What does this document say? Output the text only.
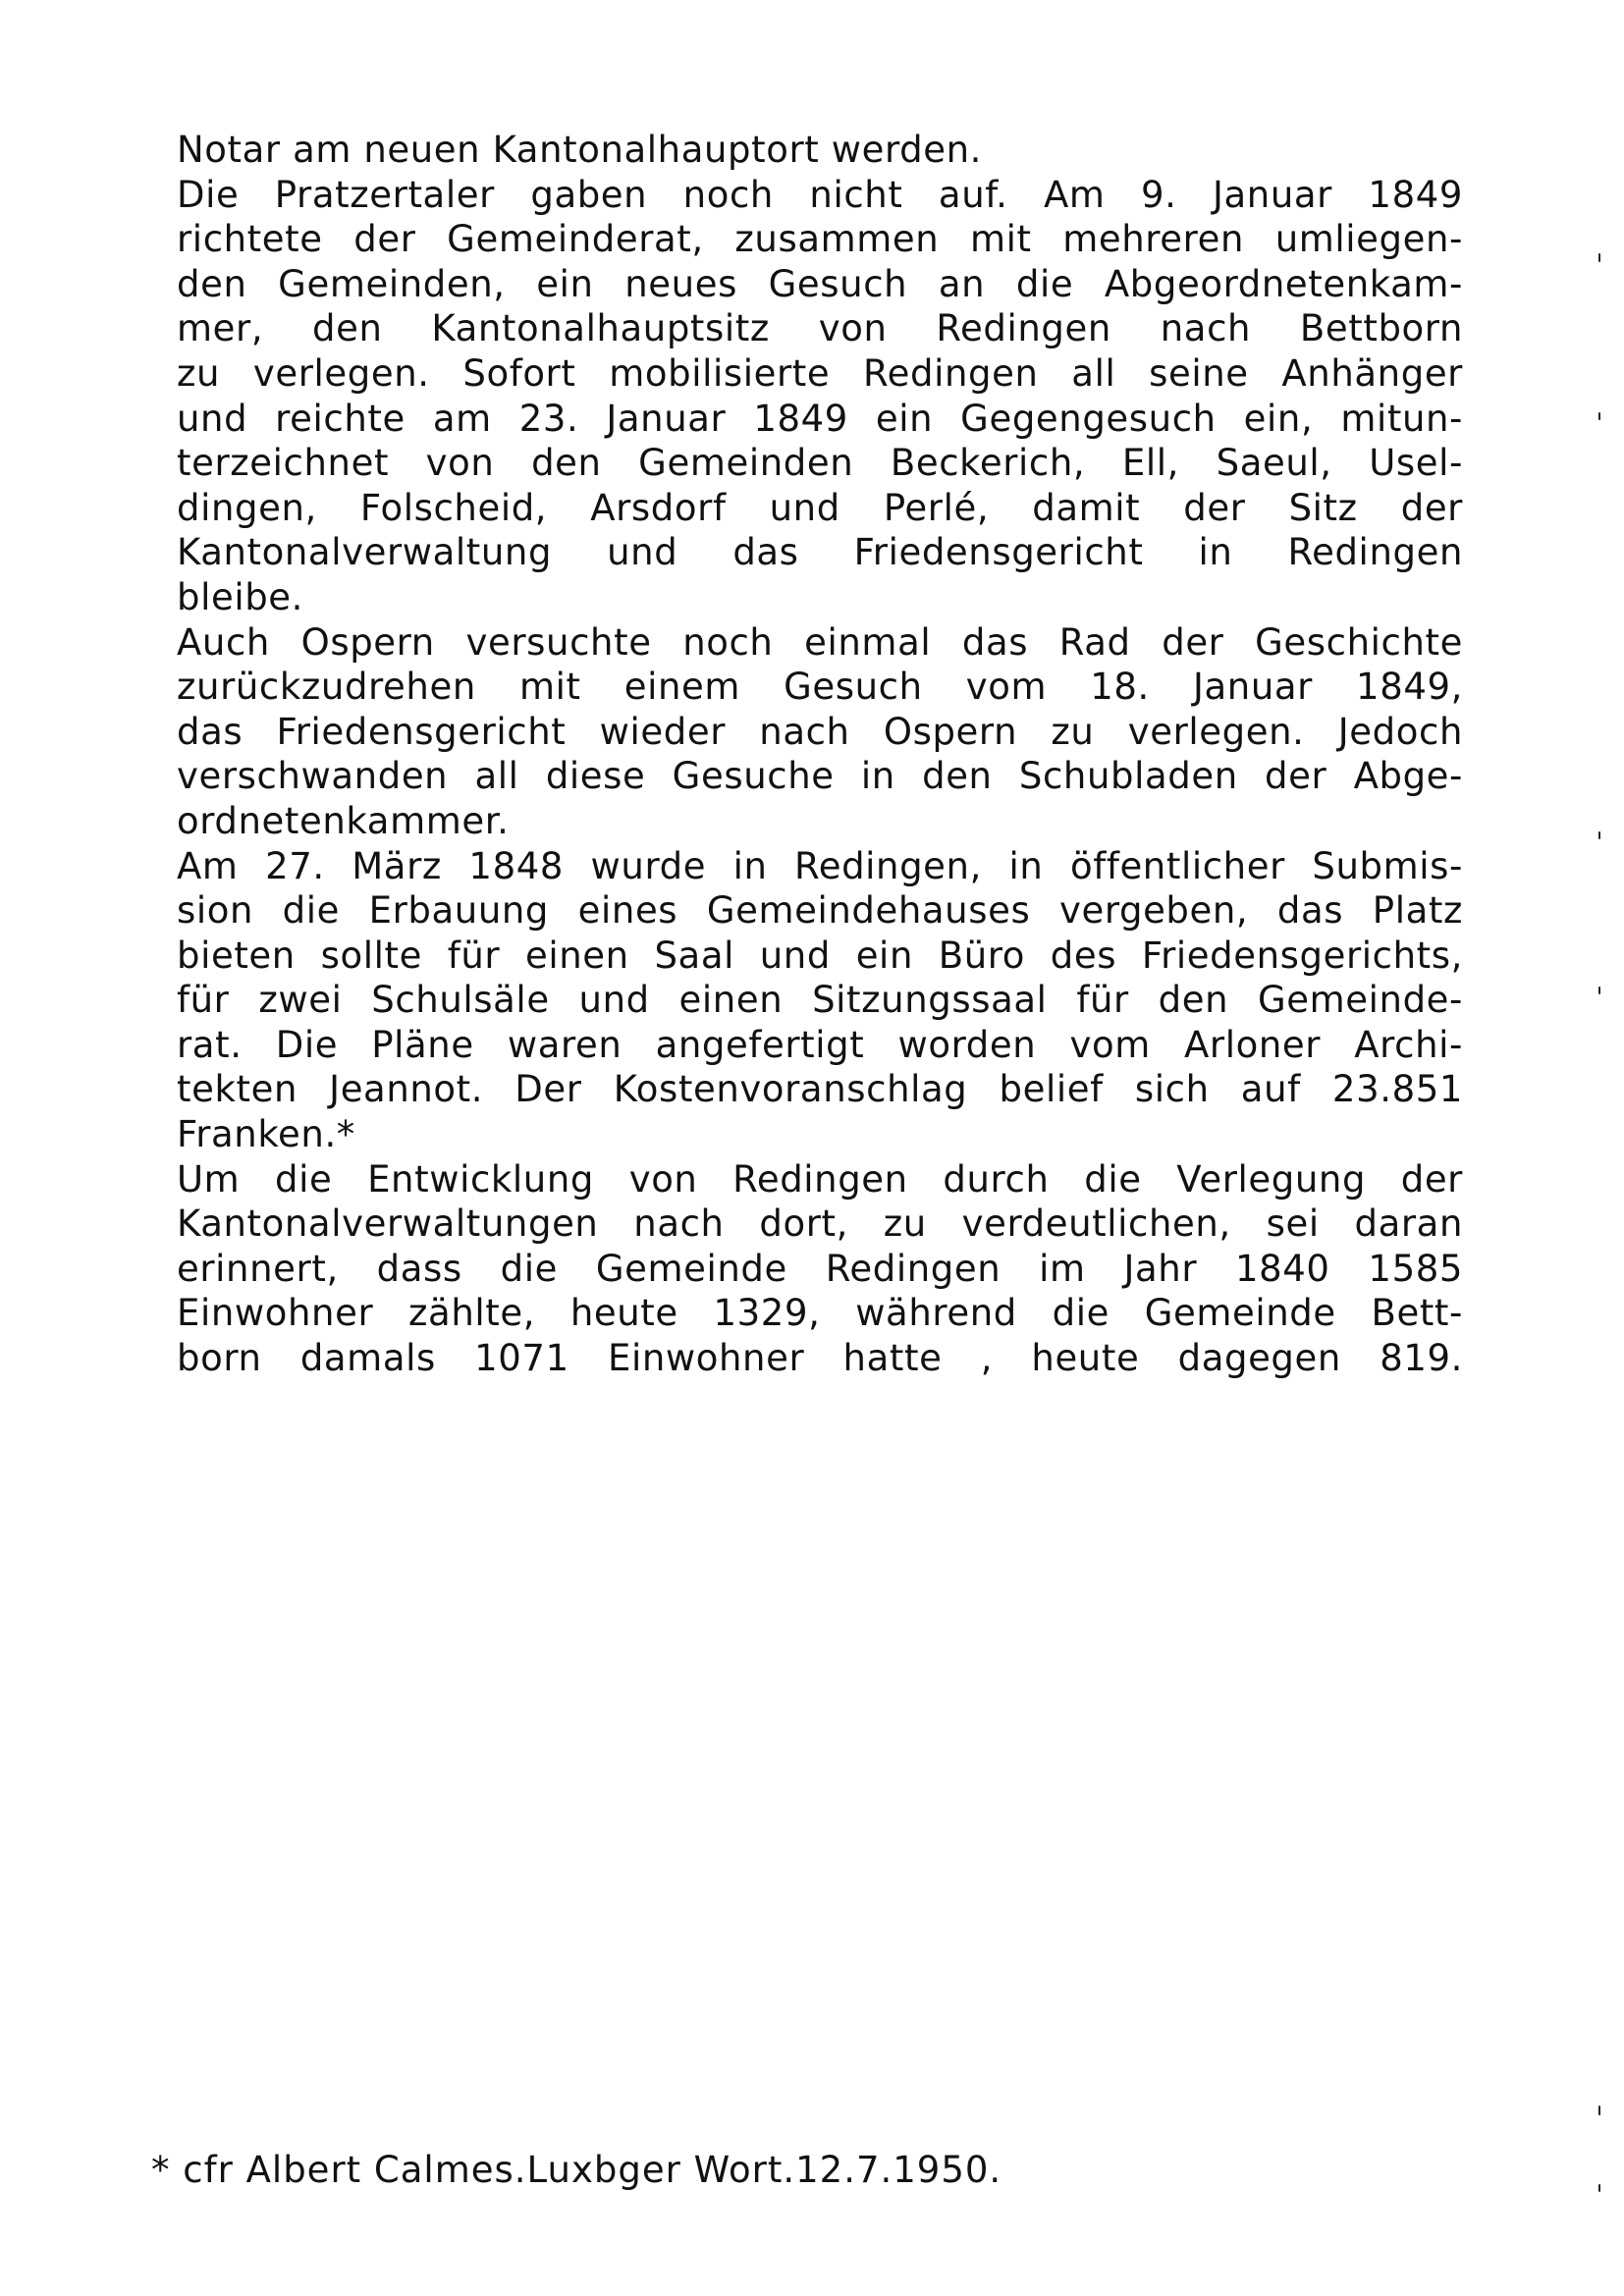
Notar am neuen Kantonalhauptort werden.
Die Pratzertaler gaben noch nicht auf. Am 9. Januar 1849
richtete der Gemeinderat, zusammen mit mehreren umliegen-
den Gemeinden, ein neues Gesuch an die Abgeordnetenkam-
mer, den Kantonalhauptsitz von Redingen nach Bettborn
zu verlegen. Sofort mobilisierte Redingen all seine Anhänger
und reichte am 23. Januar 1849 ein Gegengesuch ein, mitun-
terzeichnet von den Gemeinden Beckerich, Ell, Saeul, Usel-
dingen, Folscheid, Arsdorf und Perlé, damit der Sitz der
Kantonalverwaltung und das Friedensgericht in Redingen
bleibe.
Auch Ospern versuchte noch einmal das Rad der Geschichte
zurückzudrehen mit einem Gesuch vom 18. Januar 1849,
das Friedensgericht wieder nach Ospern zu verlegen. Jedoch
verschwanden all diese Gesuche in den Schubladen der Abge-
ordnetenkammer.
Am 27. März 1848 wurde in Redingen, in öffentlicher Submis-
sion die Erbauung eines Gemeindehauses vergeben, das Platz
bieten sollte für einen Saal und ein Büro des Friedensgerichts,
für zwei Schulsäle und einen Sitzungssaal für den Gemeinde-
rat. Die Pläne waren angefertigt worden vom Arloner Archi-
tekten Jeannot. Der Kostenvoranschlag belief sich auf 23.851
Franken.*
Um die Entwicklung von Redingen durch die Verlegung der
Kantonalverwaltungen nach dort, zu verdeutlichen, sei daran
erinnert, dass die Gemeinde Redingen im Jahr 1840 1585
Einwohner zählte, heute 1329, während die Gemeinde Bett-
born damals 1071 Einwohner hatte , heute dagegen 819.
* cfr Albert Calmes.Luxbger Wort.12.7.1950.
